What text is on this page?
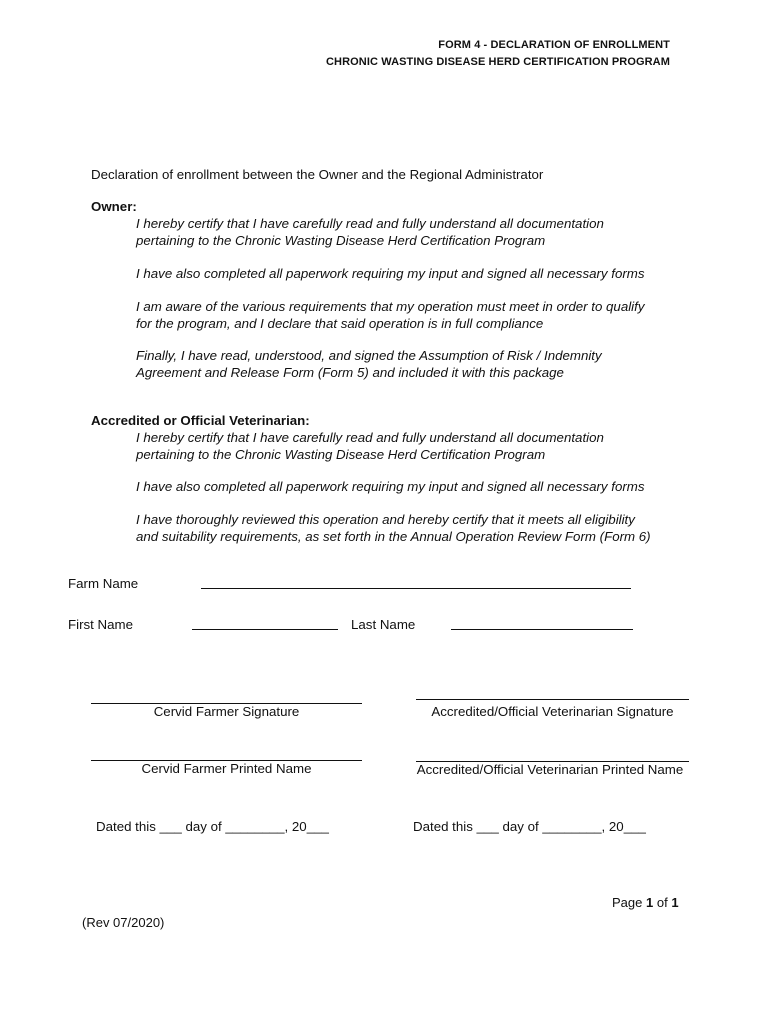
FORM 4 - DECLARATION OF ENROLLMENT
CHRONIC WASTING DISEASE HERD CERTIFICATION PROGRAM
Declaration of enrollment between the Owner and the Regional Administrator
Owner:
I hereby certify that I have carefully read and fully understand all documentation
pertaining to the Chronic Wasting Disease Herd Certification Program
I have also completed all paperwork requiring my input and signed all necessary forms
I am aware of the various requirements that my operation must meet in order to qualify
for the program, and I declare that said operation is in full compliance
Finally, I have read, understood, and signed the Assumption of Risk / Indemnity
Agreement and Release Form (Form 5) and included it with this package
Accredited or Official Veterinarian:
I hereby certify that I have carefully read and fully understand all documentation
pertaining to the Chronic Wasting Disease Herd Certification Program
I have also completed all paperwork requiring my input and signed all necessary forms
I have thoroughly reviewed this operation and hereby certify that it meets all eligibility
and suitability requirements, as set forth in the Annual Operation Review Form (Form 6)
Farm Name
First Name	Last Name
Cervid Farmer Signature	Accredited/Official Veterinarian Signature
Cervid Farmer Printed Name	Accredited/Official Veterinarian Printed Name
Dated this ___ day of ________, 20___	Dated this ___ day of ________, 20___
Page 1 of 1
(Rev 07/2020)
